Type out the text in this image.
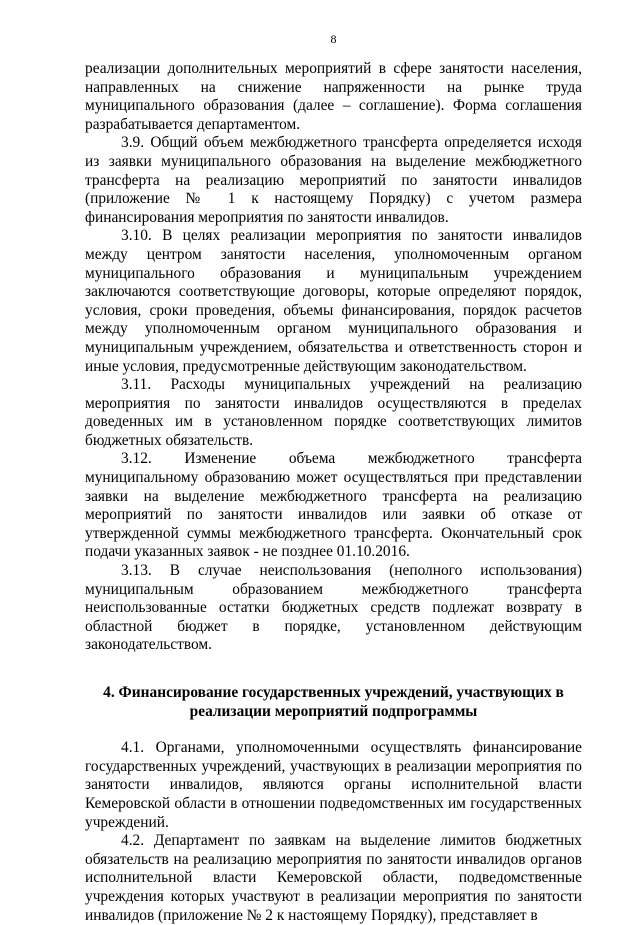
8

реализации дополнительных мероприятий в сфере занятости населения, направленных на снижение напряженности на рынке труда муниципального образования (далее – соглашение). Форма соглашения разрабатывается департаментом.

3.9. Общий объем межбюджетного трансферта определяется исходя из заявки муниципального образования на выделение межбюджетного трансферта на реализацию мероприятий по занятости инвалидов (приложение № 1 к настоящему Порядку) с учетом размера финансирования мероприятия по занятости инвалидов.

3.10. В целях реализации мероприятия по занятости инвалидов между центром занятости населения, уполномоченным органом муниципального образования и муниципальным учреждением заключаются соответствующие договоры, которые определяют порядок, условия, сроки проведения, объемы финансирования, порядок расчетов между уполномоченным органом муниципального образования и муниципальным учреждением, обязательства и ответственность сторон и иные условия, предусмотренные действующим законодательством.

3.11. Расходы муниципальных учреждений на реализацию мероприятия по занятости инвалидов осуществляются в пределах доведенных им в установленном порядке соответствующих лимитов бюджетных обязательств.

3.12. Изменение объема межбюджетного трансферта муниципальному образованию может осуществляться при представлении заявки на выделение межбюджетного трансферта на реализацию мероприятий по занятости инвалидов или заявки об отказе от утвержденной суммы межбюджетного трансферта. Окончательный срок подачи указанных заявок - не позднее 01.10.2016.

3.13. В случае неиспользования (неполного использования) муниципальным образованием межбюджетного трансферта неиспользованные остатки бюджетных средств подлежат возврату в областной бюджет в порядке, установленном действующим законодательством.

4. Финансирование государственных учреждений, участвующих в реализации мероприятий подпрограммы

4.1. Органами, уполномоченными осуществлять финансирование государственных учреждений, участвующих в реализации мероприятия по занятости инвалидов, являются органы исполнительной власти Кемеровской области в отношении подведомственных им государственных учреждений.

4.2. Департамент по заявкам на выделение лимитов бюджетных обязательств на реализацию мероприятия по занятости инвалидов органов исполнительной власти Кемеровской области, подведомственные учреждения которых участвуют в реализации мероприятия по занятости инвалидов (приложение № 2 к настоящему Порядку), представляет в
